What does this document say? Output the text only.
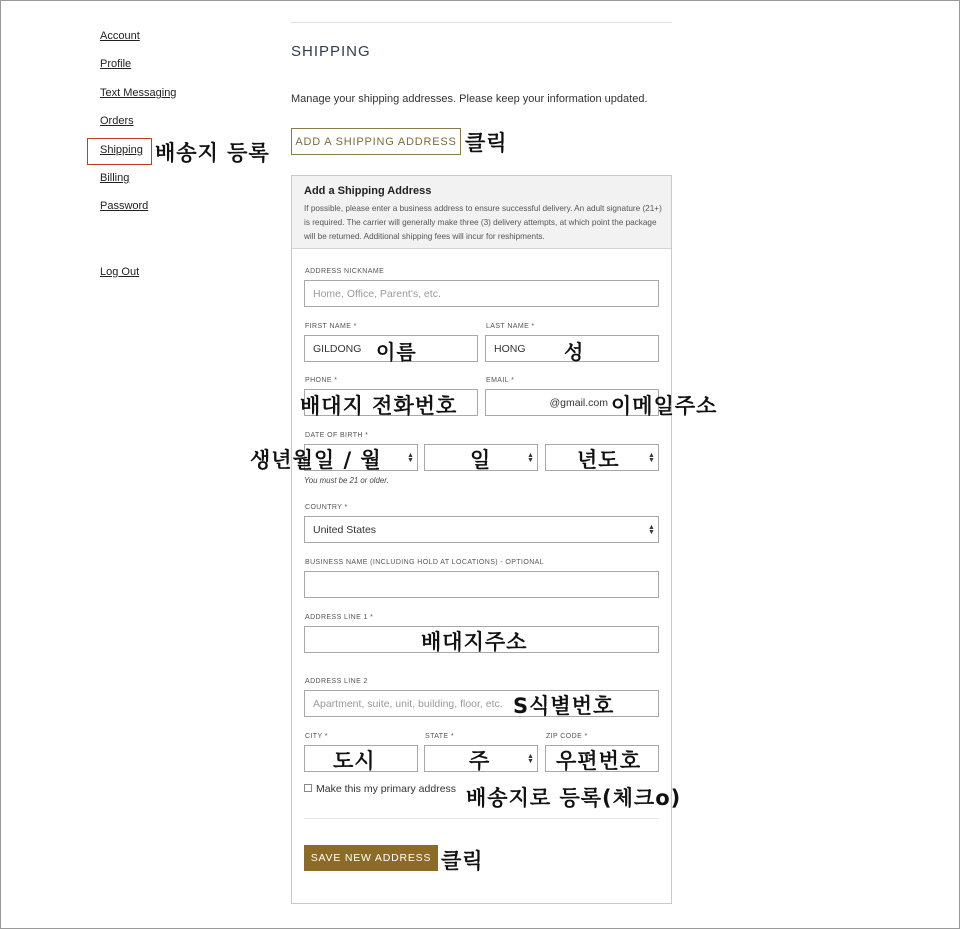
Account
Profile
Text Messaging
Orders
Shipping
Billing
Password
Log Out
배송지 등록
SHIPPING
Manage your shipping addresses. Please keep your information updated.
ADD A SHIPPING ADDRESS 클릭
Add a Shipping Address

If possible, please enter a business address to ensure successful delivery. An adult signature (21+) is required. The carrier will generally make three (3) delivery attempts, at which point the package will be returned. Additional shipping fees will incur for reshipments.

ADDRESS NICKNAME
Home, Office, Parent's, etc.
FIRST NAME *
GILDONG 이름
LAST NAME *
HONG	성
PHONE *
배대지 전화번호
EMAIL *
@gmail.com 이메일주소
DATE OF BIRTH *
▲
▼
▲
▼
▲
▼
생년월일 / 월	일	년도
You must be 21 or older.
COUNTRY *
United States	▲
▼
BUSINESS NAME (INCLUDING HOLD AT LOCATIONS) - OPTIONAL
ADDRESS LINE 1 *
배대지주소
ADDRESS LINE 2
Apartment, suite, unit, building, floor, etc. S식별번호
CITY *
도시
STATE *
▲
▼
주
ZIP CODE *
우편번호
Make this my primary address 배송지로 등록(체크o)
SAVE NEW ADDRESS 클릭
